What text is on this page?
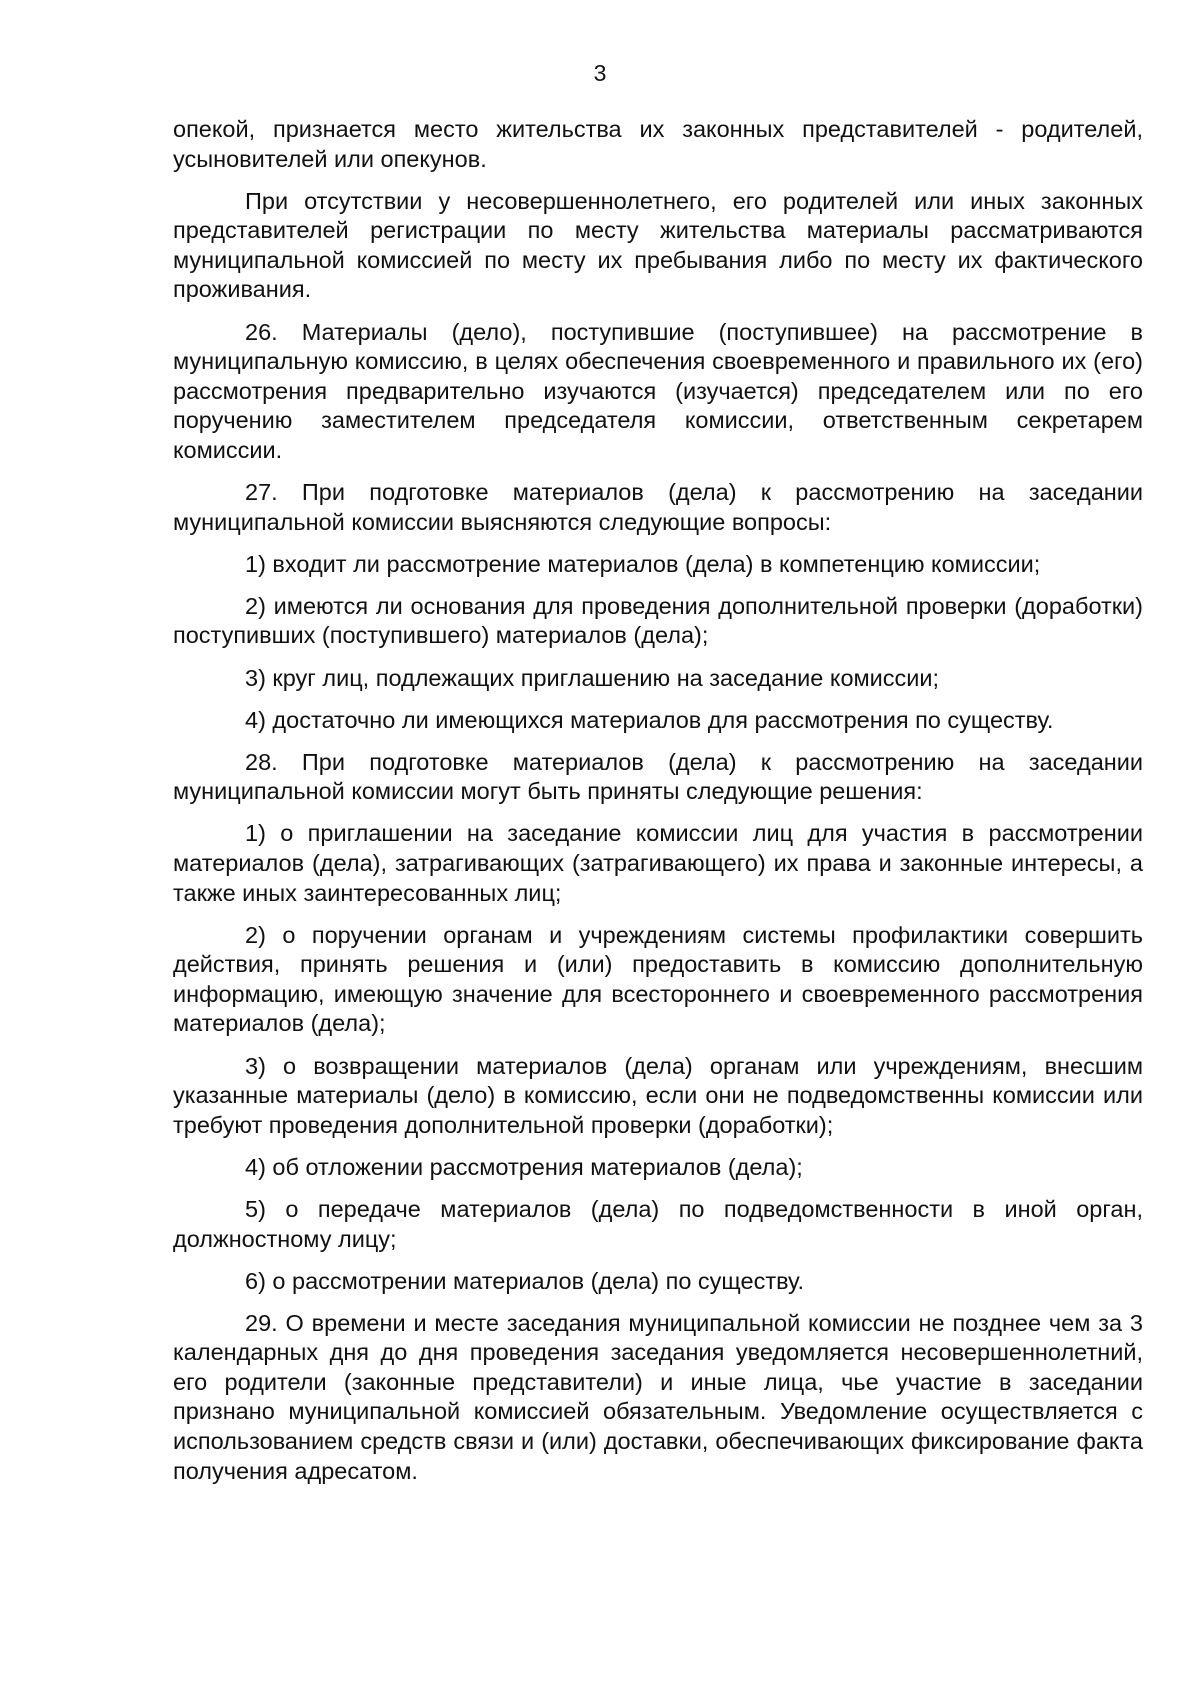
3

опекой, признается место жительства их законных представителей - родителей, усыновителей или опекунов.

При отсутствии у несовершеннолетнего, его родителей или иных законных представителей регистрации по месту жительства материалы рассматриваются муниципальной комиссией по месту их пребывания либо по месту их фактического проживания.

26. Материалы (дело), поступившие (поступившее) на рассмотрение в муниципальную комиссию, в целях обеспечения своевременного и правильного их (его) рассмотрения предварительно изучаются (изучается) председателем или по его поручению заместителем председателя комиссии, ответственным секретарем комиссии.

27. При подготовке материалов (дела) к рассмотрению на заседании муниципальной комиссии выясняются следующие вопросы:

1) входит ли рассмотрение материалов (дела) в компетенцию комиссии;

2) имеются ли основания для проведения дополнительной проверки (доработки) поступивших (поступившего) материалов (дела);

3) круг лиц, подлежащих приглашению на заседание комиссии;

4) достаточно ли имеющихся материалов для рассмотрения по существу.

28. При подготовке материалов (дела) к рассмотрению на заседании муниципальной комиссии могут быть приняты следующие решения:

1) о приглашении на заседание комиссии лиц для участия в рассмотрении материалов (дела), затрагивающих (затрагивающего) их права и законные интересы, а также иных заинтересованных лиц;

2) о поручении органам и учреждениям системы профилактики совершить действия, принять решения и (или) предоставить в комиссию дополнительную информацию, имеющую значение для всестороннего и своевременного рассмотрения материалов (дела);

3) о возвращении материалов (дела) органам или учреждениям, внесшим указанные материалы (дело) в комиссию, если они не подведомственны комиссии или требуют проведения дополнительной проверки (доработки);

4) об отложении рассмотрения материалов (дела);

5) о передаче материалов (дела) по подведомственности в иной орган, должностному лицу;

6) о рассмотрении материалов (дела) по существу.

29. О времени и месте заседания муниципальной комиссии не позднее чем за 3 календарных дня до дня проведения заседания уведомляется несовершеннолетний, его родители (законные представители) и иные лица, чье участие в заседании признано муниципальной комиссией обязательным. Уведомление осуществляется с использованием средств связи и (или) доставки, обеспечивающих фиксирование факта получения адресатом.
